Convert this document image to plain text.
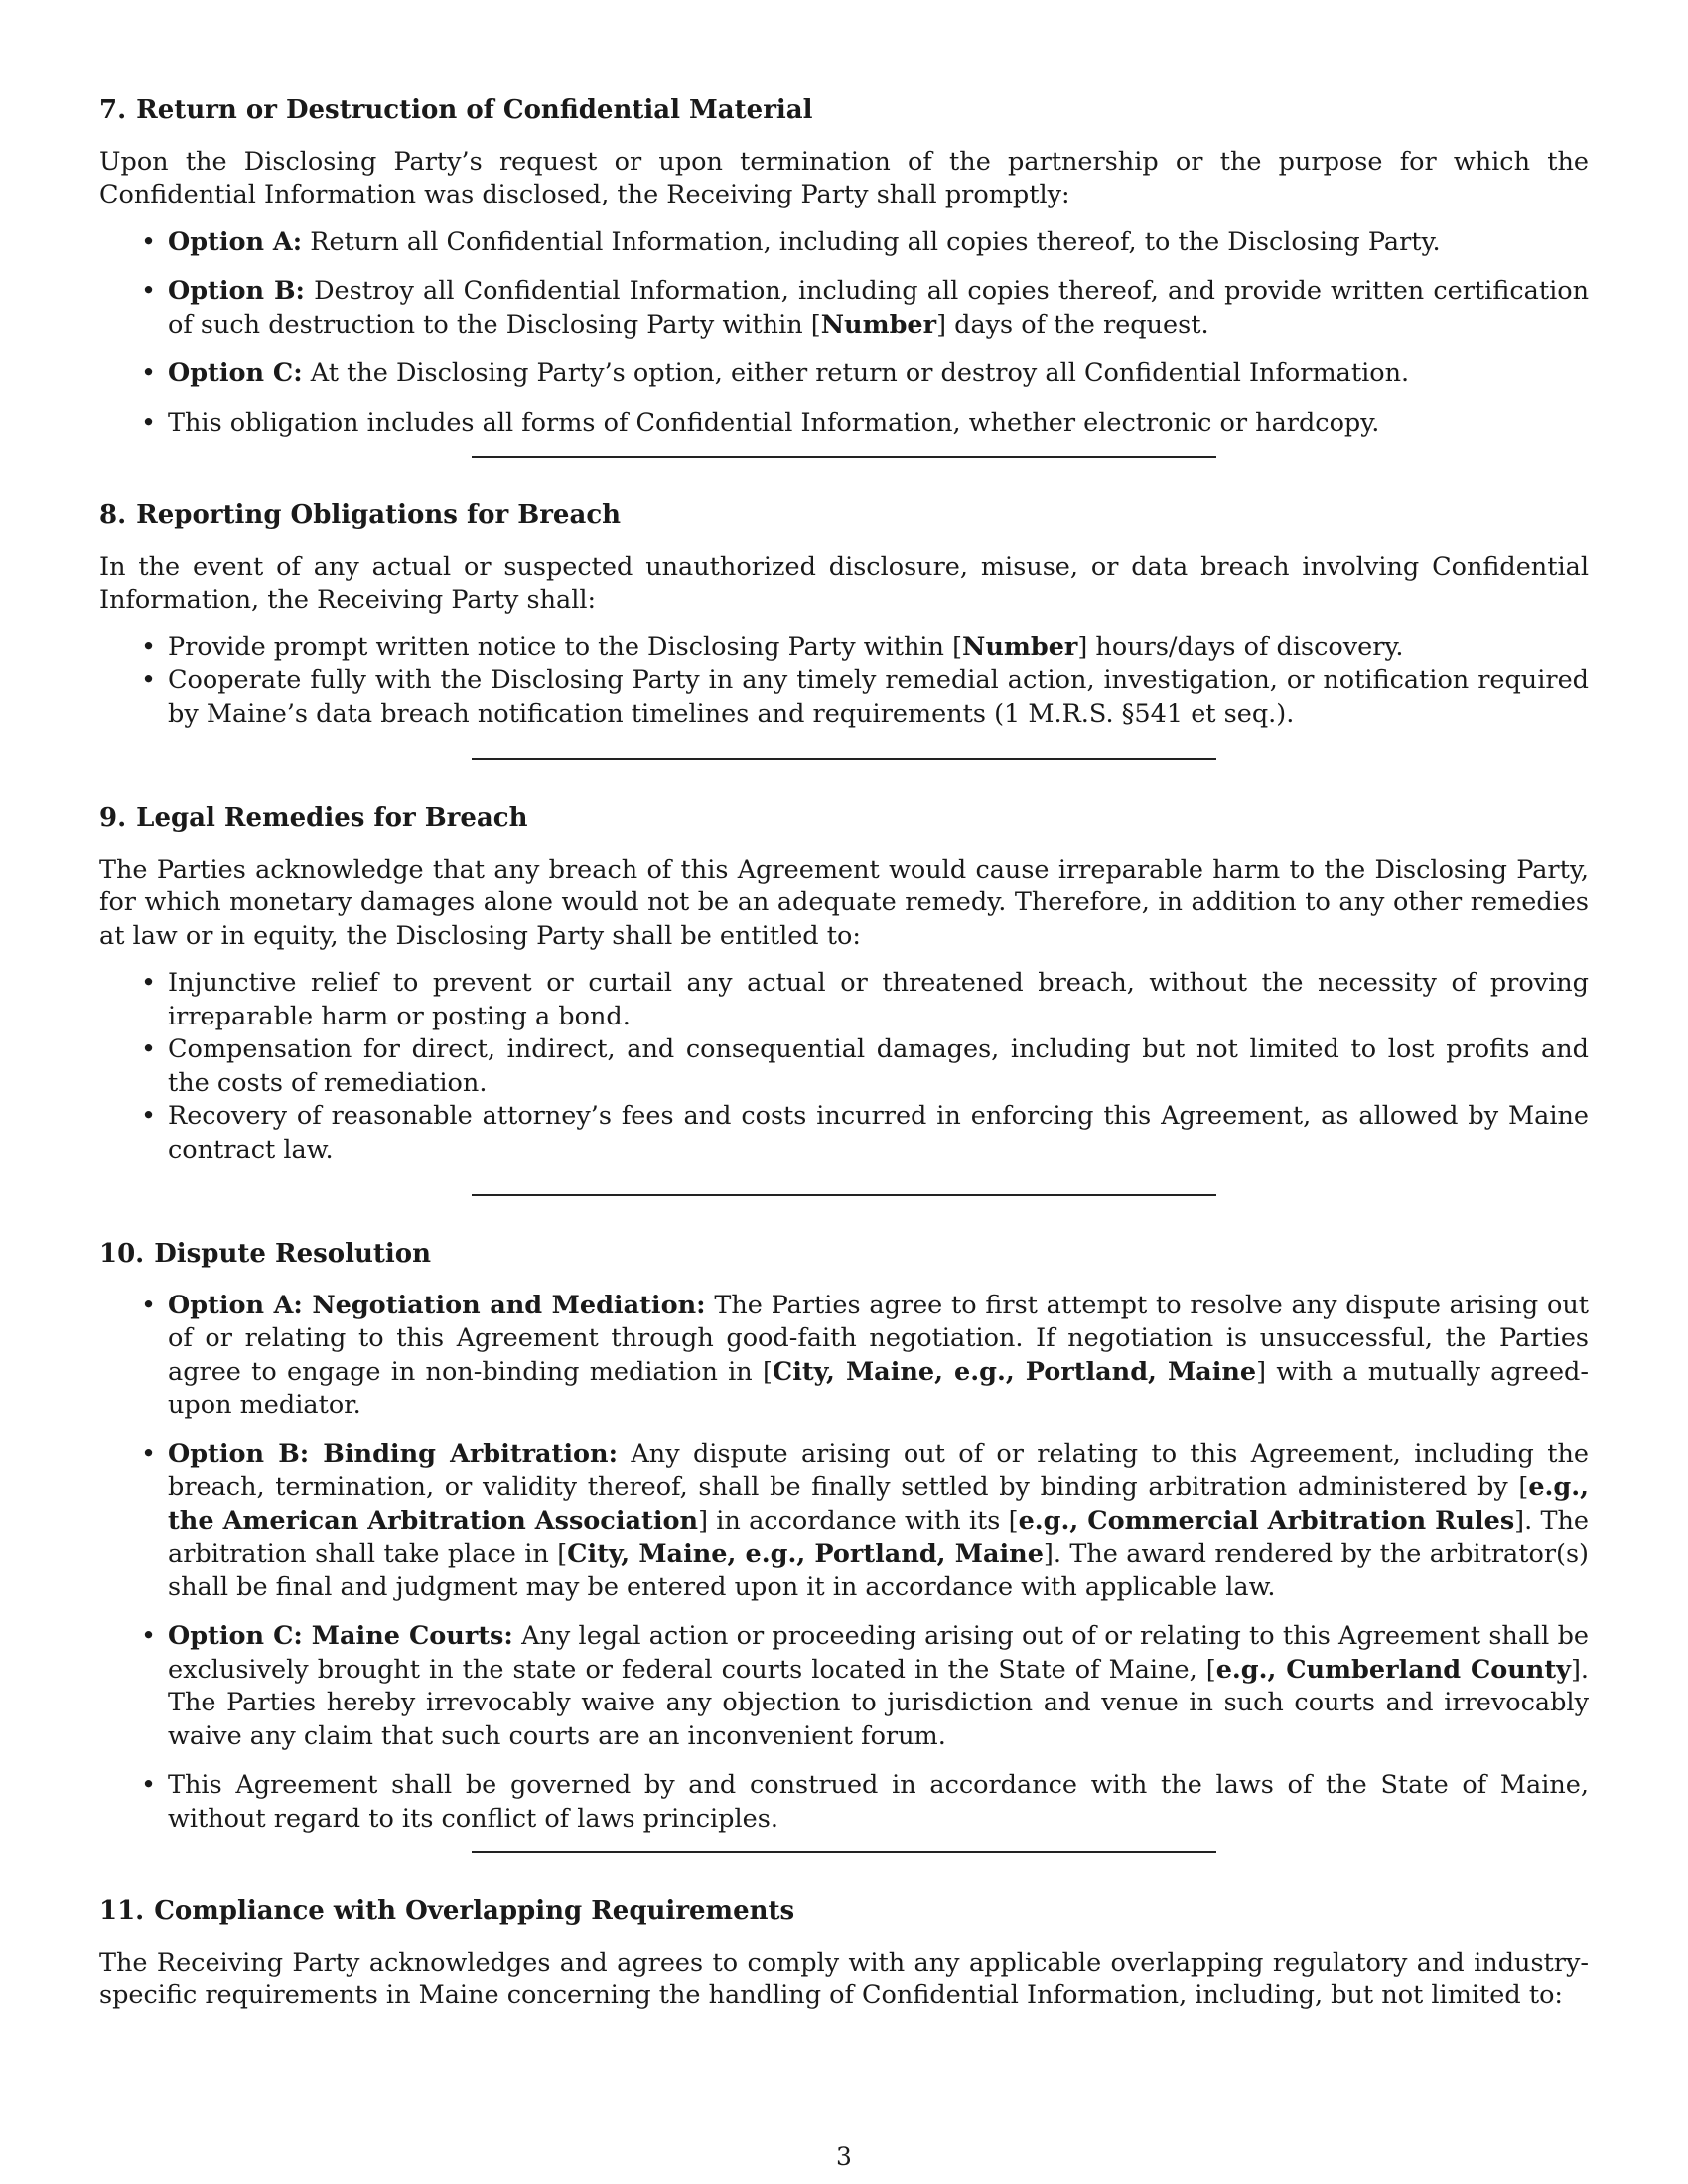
7. Return or Destruction of Confidential Material

Upon the Disclosing Party’s request or upon termination of the partnership or the purpose for which the Confidential Information was disclosed, the Receiving Party shall promptly:

• Option A: Return all Confidential Information, including all copies thereof, to the Disclosing Party.
• Option B: Destroy all Confidential Information, including all copies thereof, and provide written certification of such destruction to the Disclosing Party within [Number] days of the request.
• Option C: At the Disclosing Party’s option, either return or destroy all Confidential Information.
• This obligation includes all forms of Confidential Information, whether electronic or hardcopy.
8. Reporting Obligations for Breach

In the event of any actual or suspected unauthorized disclosure, misuse, or data breach involving Confidential Information, the Receiving Party shall:

• Provide prompt written notice to the Disclosing Party within [Number] hours/days of discovery.
• Cooperate fully with the Disclosing Party in any timely remedial action, investigation, or notification required by Maine’s data breach notification timelines and requirements (1 M.R.S. §541 et seq.).
9. Legal Remedies for Breach

The Parties acknowledge that any breach of this Agreement would cause irreparable harm to the Disclosing Party, for which monetary damages alone would not be an adequate remedy. Therefore, in addition to any other remedies at law or in equity, the Disclosing Party shall be entitled to:

• Injunctive relief to prevent or curtail any actual or threatened breach, without the necessity of proving irreparable harm or posting a bond.
• Compensation for direct, indirect, and consequential damages, including but not limited to lost profits and the costs of remediation.
• Recovery of reasonable attorney’s fees and costs incurred in enforcing this Agreement, as allowed by Maine contract law.
10. Dispute Resolution
• Option A: Negotiation and Mediation: The Parties agree to first attempt to resolve any dispute arising out of or relating to this Agreement through good-faith negotiation. If negotiation is unsuccessful, the Parties agree to engage in non-binding mediation in [City, Maine, e.g., Portland, Maine] with a mutually agreed-upon mediator.
• Option B: Binding Arbitration: Any dispute arising out of or relating to this Agreement, including the breach, termination, or validity thereof, shall be finally settled by binding arbitration administered by [e.g., the American Arbitration Association] in accordance with its [e.g., Commercial Arbitration Rules]. The arbitration shall take place in [City, Maine, e.g., Portland, Maine]. The award rendered by the arbitrator(s) shall be final and judgment may be entered upon it in accordance with applicable law.
• Option C: Maine Courts: Any legal action or proceeding arising out of or relating to this Agreement shall be exclusively brought in the state or federal courts located in the State of Maine, [e.g., Cumberland County]. The Parties hereby irrevocably waive any objection to jurisdiction and venue in such courts and irrevocably waive any claim that such courts are an inconvenient forum.
• This Agreement shall be governed by and construed in accordance with the laws of the State of Maine, without regard to its conflict of laws principles.
11. Compliance with Overlapping Requirements

The Receiving Party acknowledges and agrees to comply with any applicable overlapping regulatory and industry-specific requirements in Maine concerning the handling of Confidential Information, including, but not limited to:

3
